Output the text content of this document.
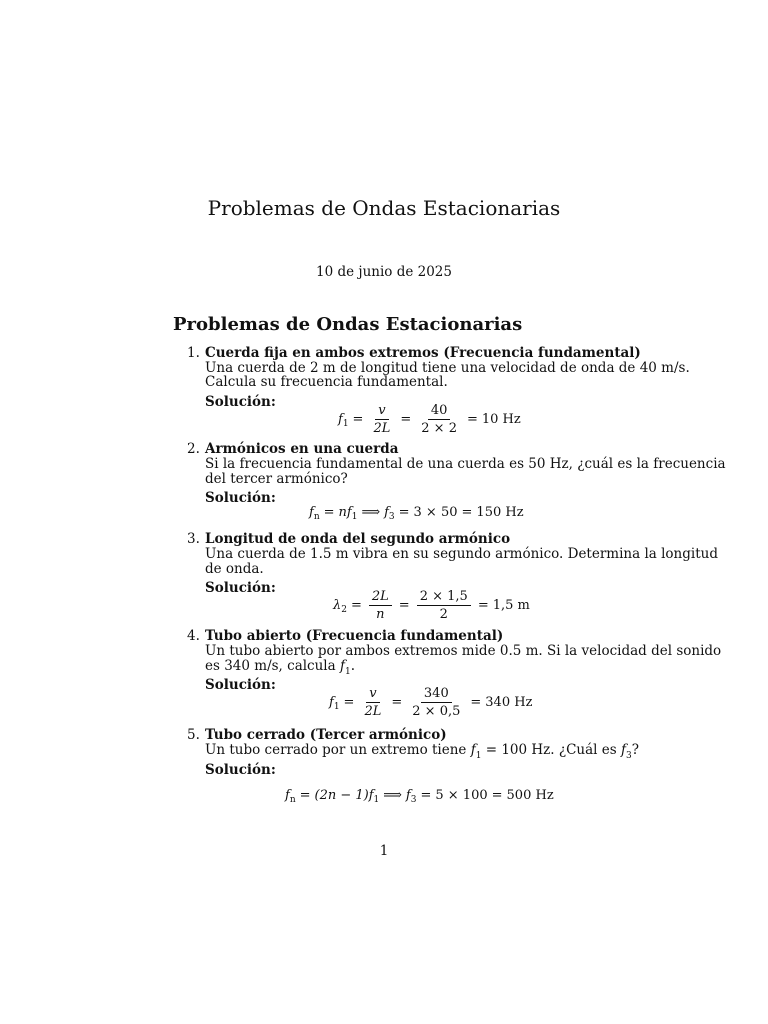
Problemas de Ondas Estacionarias
10 de junio de 2025
Problemas de Ondas Estacionarias
1. Cuerda fija en ambos extremos (Frecuencia fundamental)
Una cuerda de 2 m de longitud tiene una velocidad de onda de 40 m/s.
Calcula su frecuencia fundamental.
Solución:
f $1 = \frac{v}{2L} = \frac{40}{2 \times 2} = 10$ Hz
2. Armónicos en una cuerda
Si la frecuencia fundamental de una cuerda es 50 Hz, ¿cuál es la frecuencia
del tercer armónico?
Solución:
f n = nf 1 ⟹ f 3 = 3 × 50 = 150 Hz
3. Longitud de onda del segundo armónico
Una cuerda de 1.5 m vibra en su segundo armónico. Determina la longitud
de onda.
Solución:
λ $2 = \frac{2L}{n} = \frac{2 \times 1,5}{2} = 1,5$ m
4. Tubo abierto (Frecuencia fundamental)
Un tubo abierto por ambos extremos mide 0.5 m. Si la velocidad del sonido
es 340 m/s, calcula $f_1$.
Solución:
f $1 = \frac{v}{2L} = \frac{340}{2 \times 0,5} = 340$ Hz
5. Tubo cerrado (Tercer armónico)
Un tubo cerrado por un extremo tiene $f_1 = 100$ Hz. ¿Cuál es $f_3$?
Solución:
f n = (2n − 1)f 1 ⟹ f 3 = 5 × 100 = 500 Hz
1
